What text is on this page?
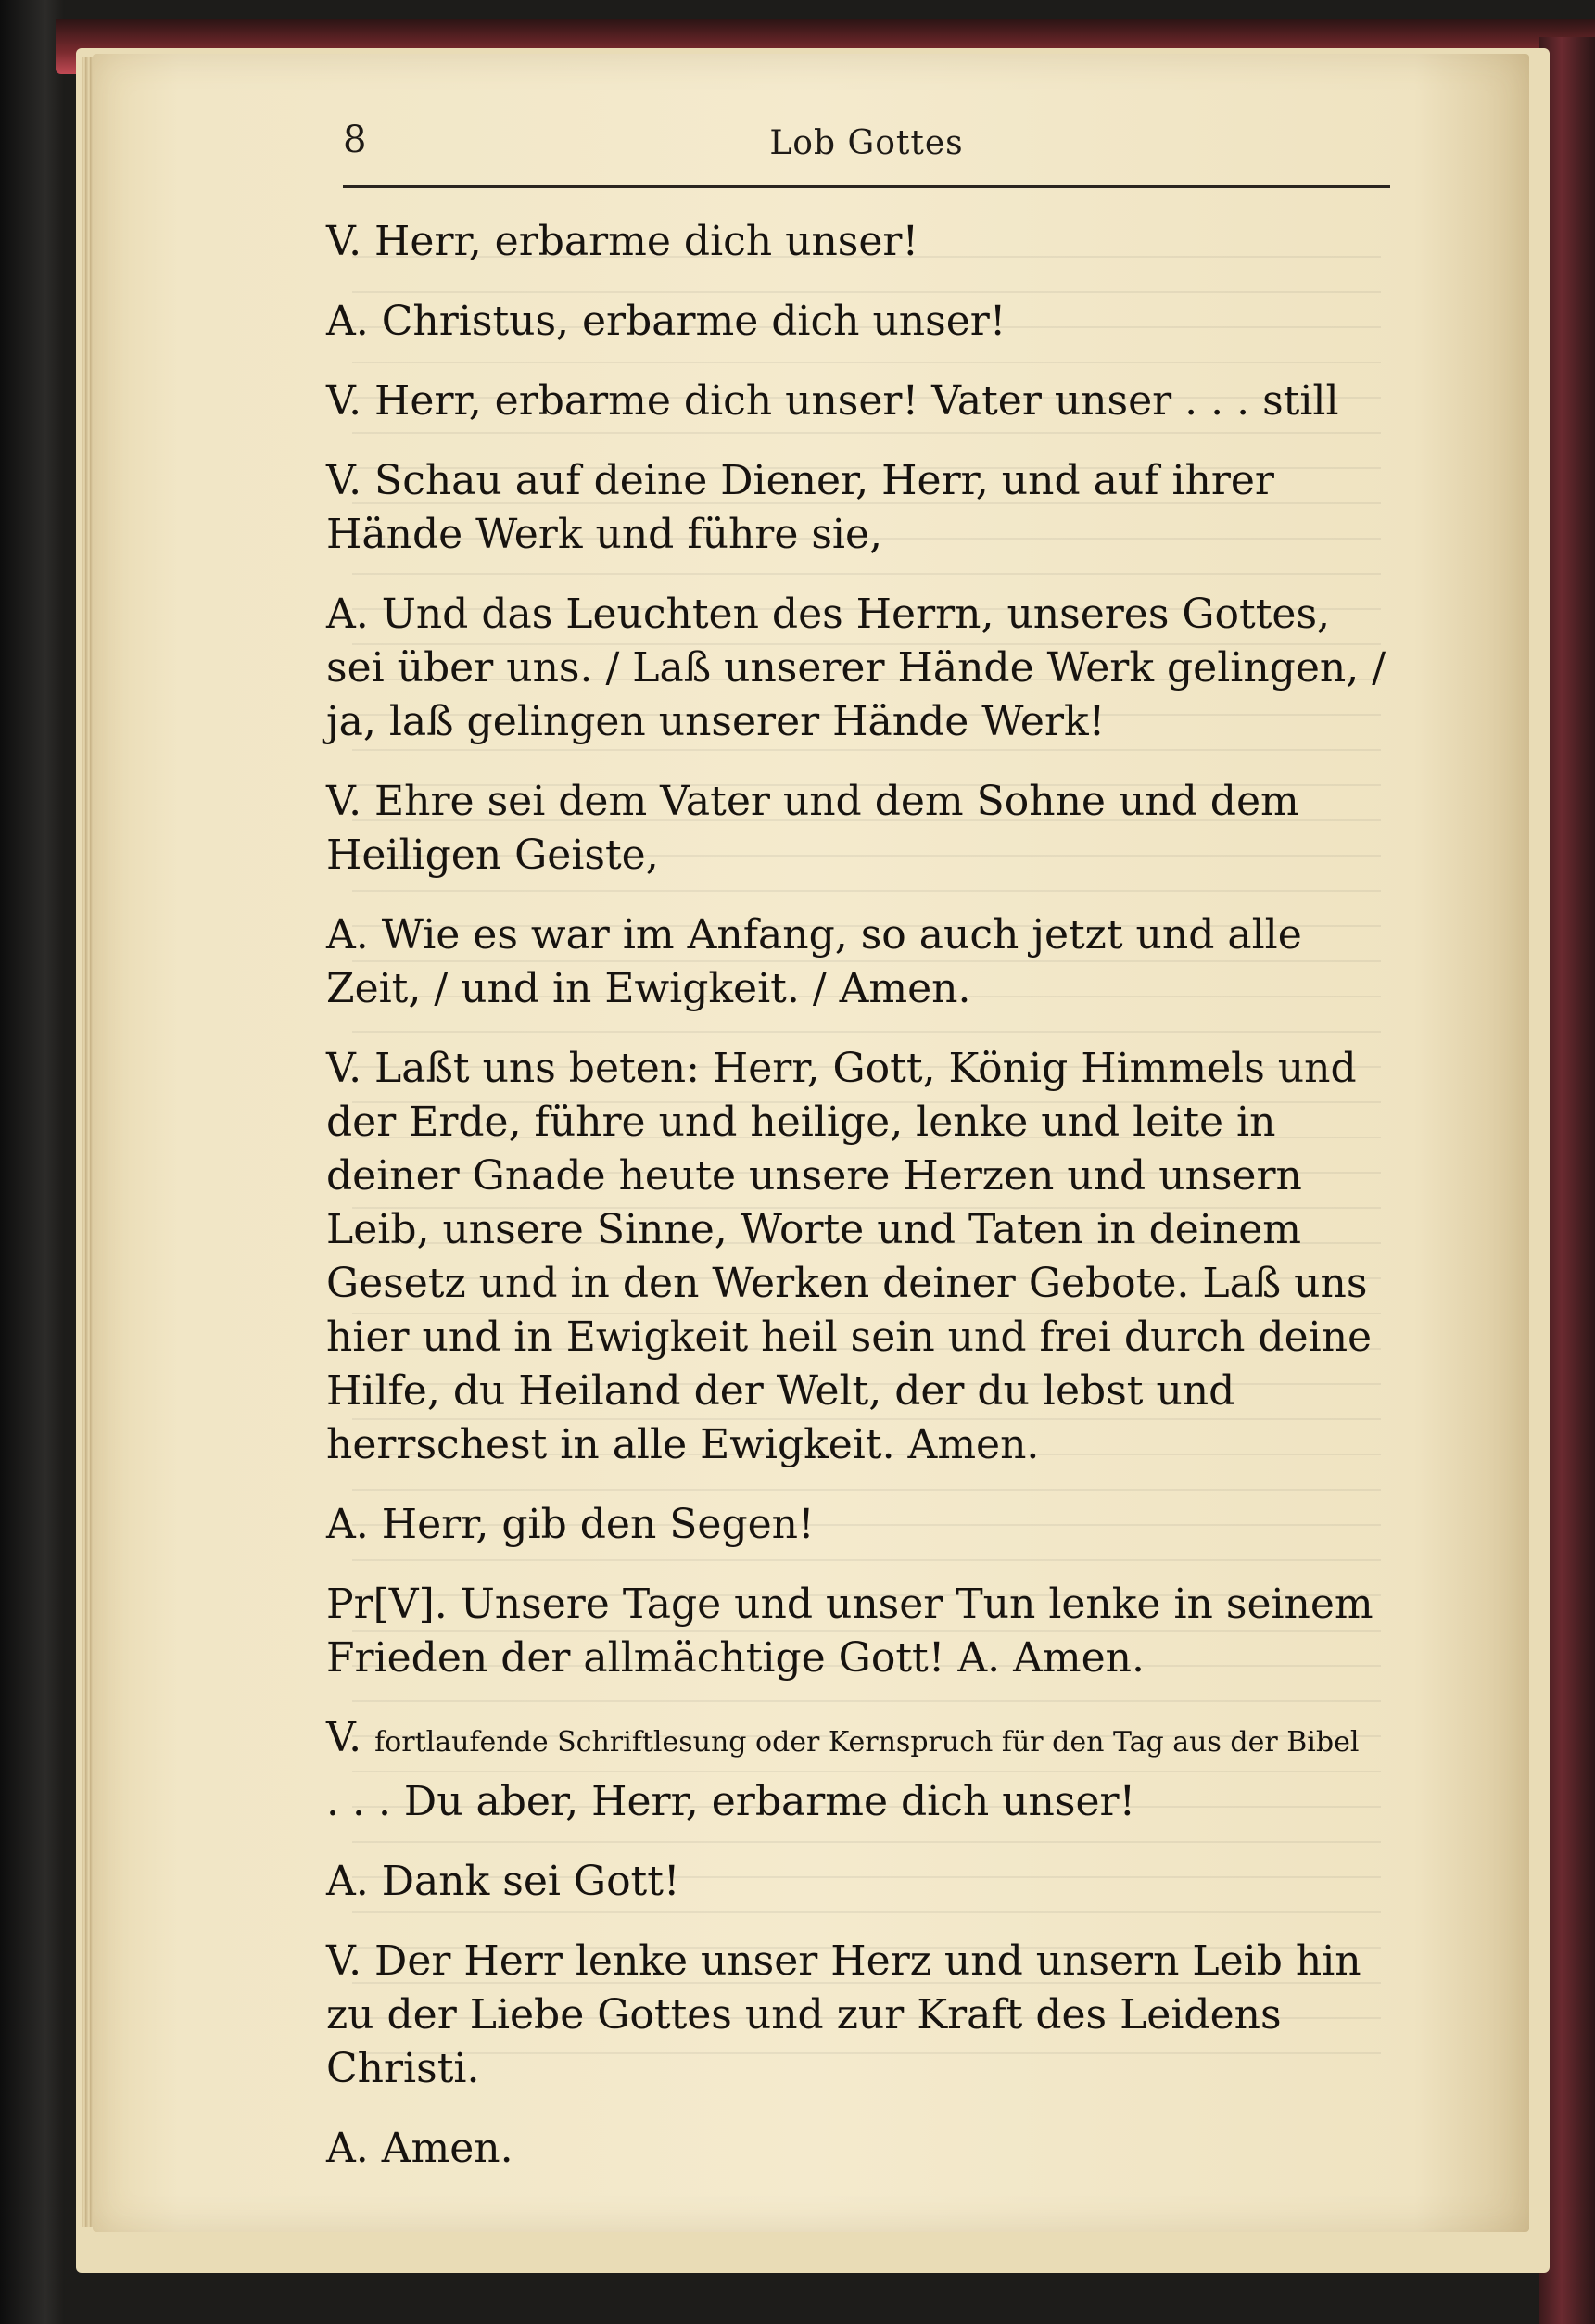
8	Lob Gottes

V. Herr, erbarme dich unser!

A. Christus, erbarme dich unser!

V. Herr, erbarme dich unser! Vater unser . . . still

V. Schau auf deine Diener, Herr, und auf ihrer Hände Werk und führe sie,

A. Und das Leuchten des Herrn, unseres Gottes, sei über uns. / Laß unserer Hände Werk gelingen, / ja, laß gelingen unserer Hände Werk!

V. Ehre sei dem Vater und dem Sohne und dem Heiligen Geiste,

A. Wie es war im Anfang, so auch jetzt und alle Zeit, / und in Ewigkeit. / Amen.

V. Laßt uns beten: Herr, Gott, König Himmels und der Erde, führe und heilige, lenke und leite in deiner Gnade heute unsere Herzen und unsern Leib, unsere Sinne, Worte und Taten in deinem Gesetz und in den Werken deiner Gebote. Laß uns hier und in Ewigkeit heil sein und frei durch deine Hilfe, du Heiland der Welt, der du lebst und herrschest in alle Ewigkeit. Amen.

A. Herr, gib den Segen!

Pr[V]. Unsere Tage und unser Tun lenke in seinem Frieden der allmächtige Gott! A. Amen.

V. fortlaufende Schriftlesung oder Kernspruch für den Tag aus der Bibel

. . . Du aber, Herr, erbarme dich unser!

A. Dank sei Gott!

V. Der Herr lenke unser Herz und unsern Leib hin zu der Liebe Gottes und zur Kraft des Leidens Christi.

A. Amen.
